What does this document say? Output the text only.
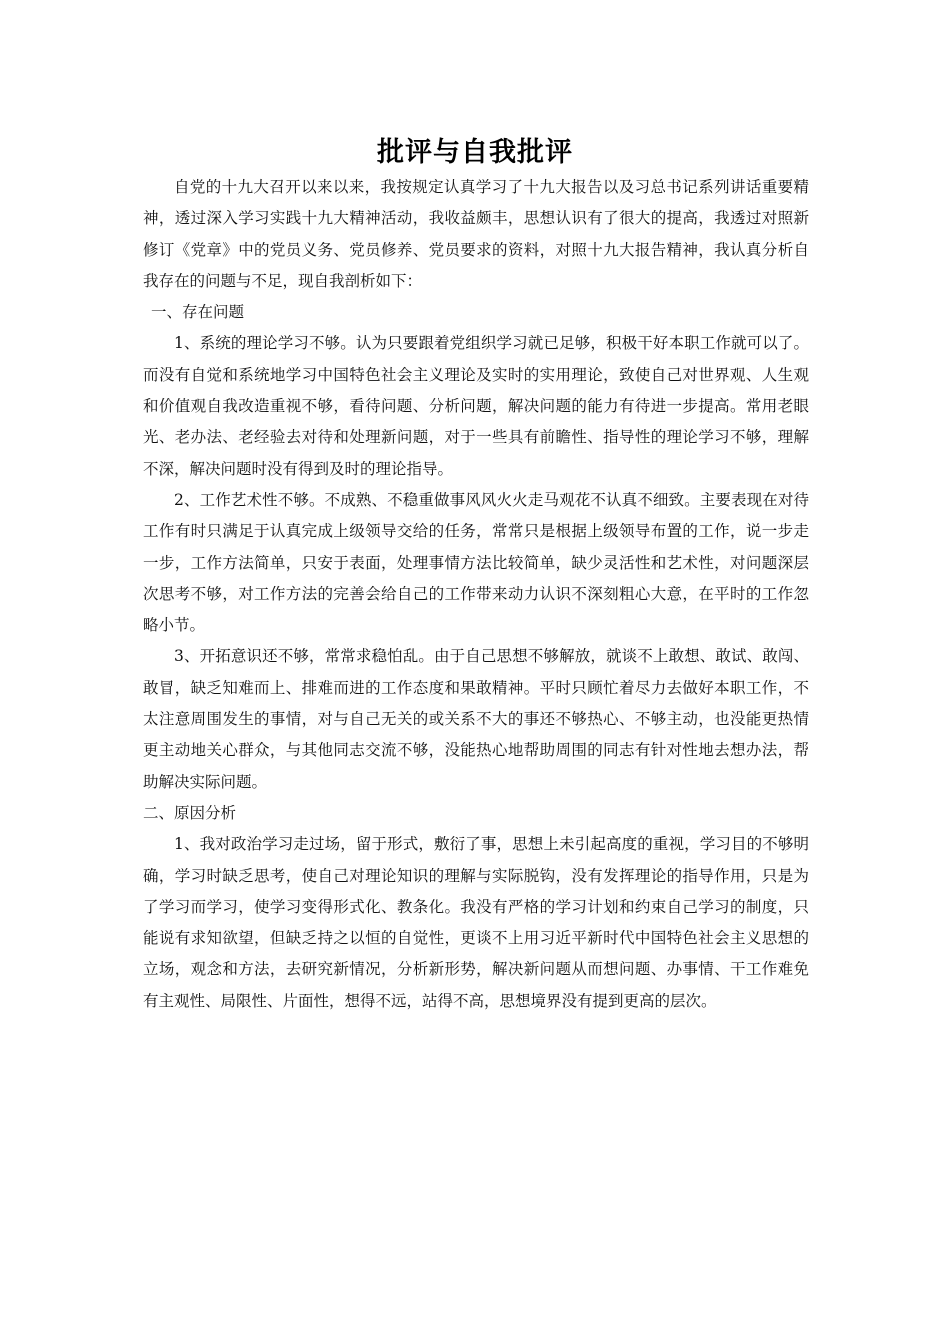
批评与自我批评

自党的十九大召开以来以来，我按规定认真学习了十九大报告以及习总书记系列讲话重要精神，透过深入学习实践十九大精神活动，我收益颇丰，思想认识有了很大的提高，我透过对照新修订《党章》中的党员义务、党员修养、党员要求的资料，对照十九大报告精神，我认真分析自我存在的问题与不足，现自我剖析如下：

一、存在问题

1、系统的理论学习不够。认为只要跟着党组织学习就已足够，积极干好本职工作就可以了。而没有自觉和系统地学习中国特色社会主义理论及实时的实用理论，致使自己对世界观、人生观和价值观自我改造重视不够，看待问题、分析问题，解决问题的能力有待进一步提高。常用老眼光、老办法、老经验去对待和处理新问题，对于一些具有前瞻性、指导性的理论学习不够，理解不深，解决问题时没有得到及时的理论指导。

2、工作艺术性不够。不成熟、不稳重做事风风火火走马观花不认真不细致。主要表现在对待工作有时只满足于认真完成上级领导交给的任务，常常只是根据上级领导布置的工作，说一步走一步，工作方法简单，只安于表面，处理事情方法比较简单，缺少灵活性和艺术性，对问题深层次思考不够，对工作方法的完善会给自己的工作带来动力认识不深刻粗心大意，在平时的工作忽略小节。

3、开拓意识还不够，常常求稳怕乱。由于自己思想不够解放，就谈不上敢想、敢试、敢闯、敢冒，缺乏知难而上、排难而进的工作态度和果敢精神。平时只顾忙着尽力去做好本职工作，不太注意周围发生的事情，对与自己无关的或关系不大的事还不够热心、不够主动，也没能更热情更主动地关心群众，与其他同志交流不够，没能热心地帮助周围的同志有针对性地去想办法，帮助解决实际问题。

二、原因分析

1、我对政治学习走过场，留于形式，敷衍了事，思想上未引起高度的重视，学习目的不够明确，学习时缺乏思考，使自己对理论知识的理解与实际脱钩，没有发挥理论的指导作用，只是为了学习而学习，使学习变得形式化、教条化。我没有严格的学习计划和约束自己学习的制度，只能说有求知欲望，但缺乏持之以恒的自觉性，更谈不上用习近平新时代中国特色社会主义思想的立场，观念和方法，去研究新情况，分析新形势，解决新问题从而想问题、办事情、干工作难免有主观性、局限性、片面性，想得不远，站得不高，思想境界没有提到更高的层次。
